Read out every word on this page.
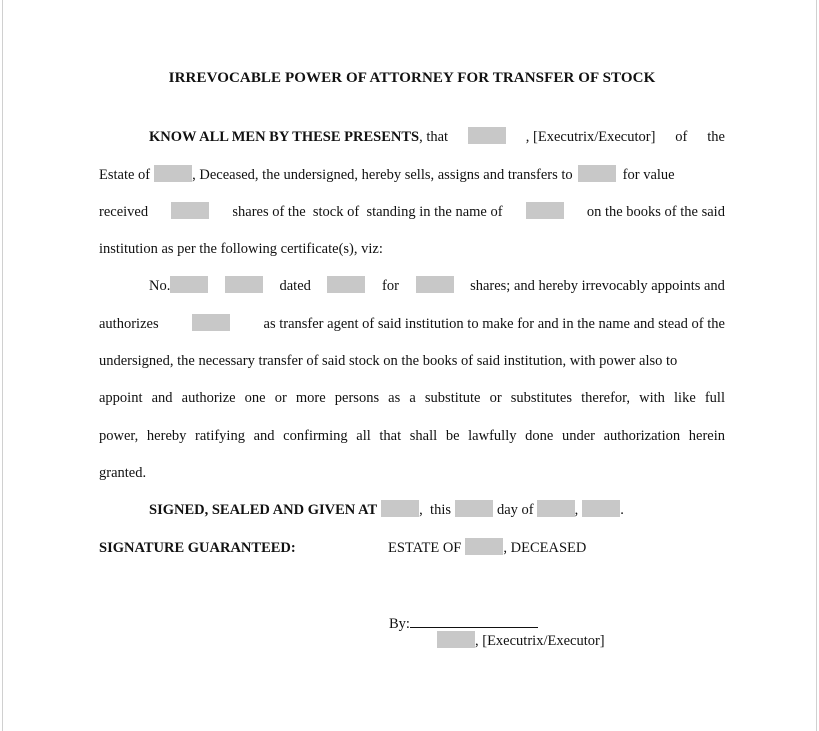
IRREVOCABLE POWER OF ATTORNEY FOR TRANSFER OF STOCK
KNOW ALL MEN BY THESE PRESENTS, that	, [Executrix/Executor] of the
Estate of	, Deceased, the undersigned, hereby sells, assigns and transfers to	for value
received	shares of the  stock of  standing in the name of	on the books of the said
institution as per the following certificate(s), viz:
No.	dated	for	shares; and hereby irrevocably appoints and
authorizes	as transfer agent of said institution to make for and in the name and stead of the
undersigned, the necessary transfer of said stock on the books of said institution, with power also to
appoint and authorize one or more persons as a substitute or substitutes therefor, with like full
power, hereby ratifying and confirming all that shall be lawfully done under authorization herein
granted.
SIGNED, SEALED AND GIVEN AT	,  this	day of	,	.
SIGNATURE GUARANTEED:	ESTATE OF	, DECEASED
By:
, [Executrix/Executor]
